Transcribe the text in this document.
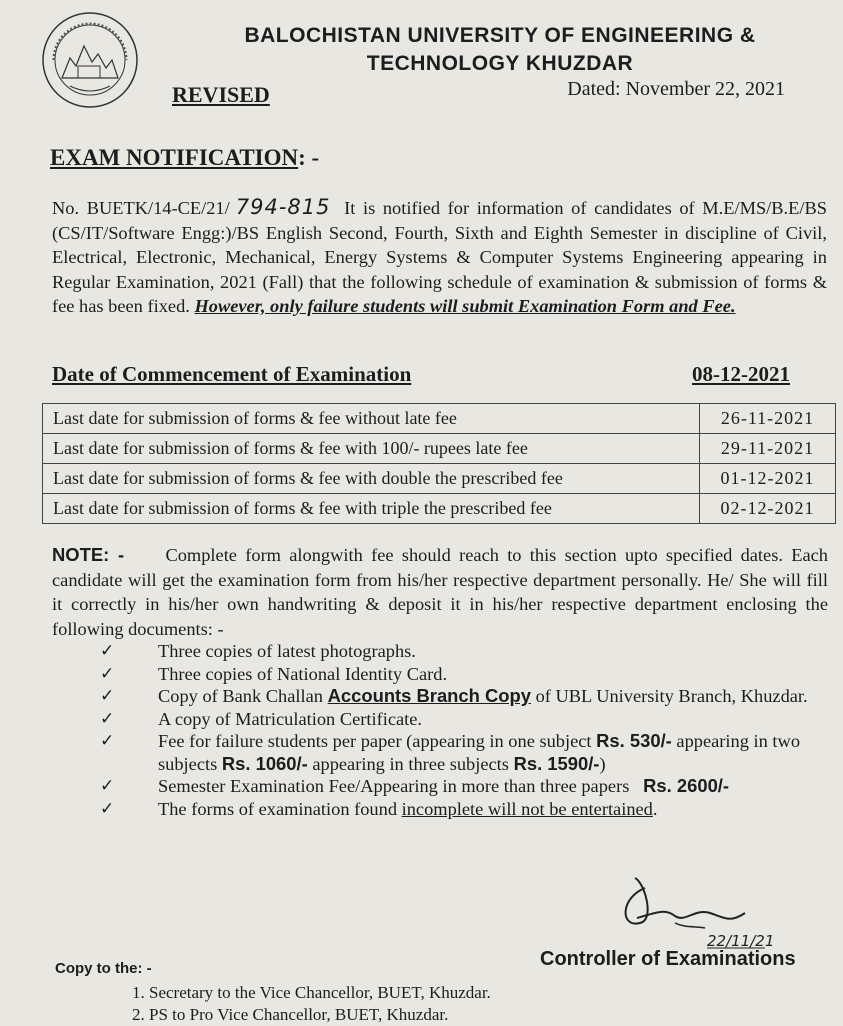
BALOCHISTAN UNIVERSITY OF ENGINEERING &
TECHNOLOGY KHUZDAR
REVISED	Dated: November 22, 2021
EXAM NOTIFICATION: -
No. BUETK/14-CE/21/ 794-815 It is notified for information of candidates of M.E/MS/B.E/BS (CS/IT/Software Engg:)/BS English Second, Fourth, Sixth and Eighth Semester in discipline of Civil, Electrical, Electronic, Mechanical, Energy Systems & Computer Systems Engineering appearing in Regular Examination, 2021 (Fall) that the following schedule of examination & submission of forms & fee has been fixed. However, only failure students will submit Examination Form and Fee.
Date of Commencement of Examination	08-12-2021
Last date for submission of forms & fee without late fee	26-11-2021
Last date for submission of forms & fee with 100/- rupees late fee	29-11-2021
Last date for submission of forms & fee with double the prescribed fee	01-12-2021
Last date for submission of forms & fee with triple the prescribed fee	02-12-2021
NOTE: - Complete form alongwith fee should reach to this section upto specified dates. Each candidate will get the examination form from his/her respective department personally. He/ She will fill it correctly in his/her own handwriting & deposit it in his/her respective department enclosing the following documents: -
✓ Three copies of latest photographs.
✓ Three copies of National Identity Card.
✓ Copy of Bank Challan Accounts Branch Copy of UBL University Branch, Khuzdar.
✓ A copy of Matriculation Certificate.
✓ Fee for failure students per paper (appearing in one subject Rs. 530/- appearing in two subjects Rs. 1060/- appearing in three subjects Rs. 1590/-)
✓ Semester Examination Fee/Appearing in more than three papers Rs. 2600/-
✓ The forms of examination found incomplete will not be entertained.
22/11/21
Controller of Examinations
Copy to the: -
1. Secretary to the Vice Chancellor, BUET, Khuzdar.
2. PS to Pro Vice Chancellor, BUET, Khuzdar.
